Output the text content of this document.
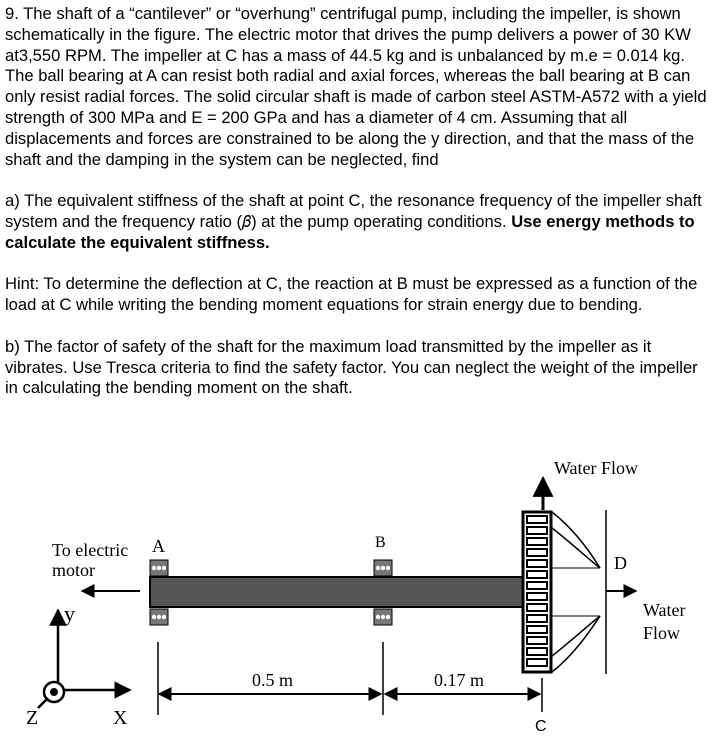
9. The shaft of a “cantilever” or “overhung” centrifugal pump, including the impeller, is shown schematically in the figure. The electric motor that drives the pump delivers a power of 30 KW at3,550 RPM. The impeller at C has a mass of 44.5 kg and is unbalanced by m.e = 0.014 kg. The ball bearing at A can resist both radial and axial forces, whereas the ball bearing at B can only resist radial forces. The solid circular shaft is made of carbon steel ASTM-A572 with a yield strength of 300 MPa and E = 200 GPa and has a diameter of 4 cm. Assuming that all displacements and forces are constrained to be along the y direction, and that the mass of the shaft and the damping in the system can be neglected, find

a) The equivalent stiffness of the shaft at point C, the resonance frequency of the impeller shaft system and the frequency ratio (𝛽) at the pump operating conditions. Use energy methods to calculate the equivalent stiffness.

Hint: To determine the deflection at C, the reaction at B must be expressed as a function of the load at C while writing the bending moment equations for strain energy due to bending.

b) The factor of safety of the shaft for the maximum load transmitted by the impeller as it vibrates. Use Tresca criteria to find the safety factor. You can neglect the weight of the impeller in calculating the bending moment on the shaft.

Water Flow
To electric
motor
A	B
D
Water
Flow
y
X
Z
0.5 m	0.17 m
C
